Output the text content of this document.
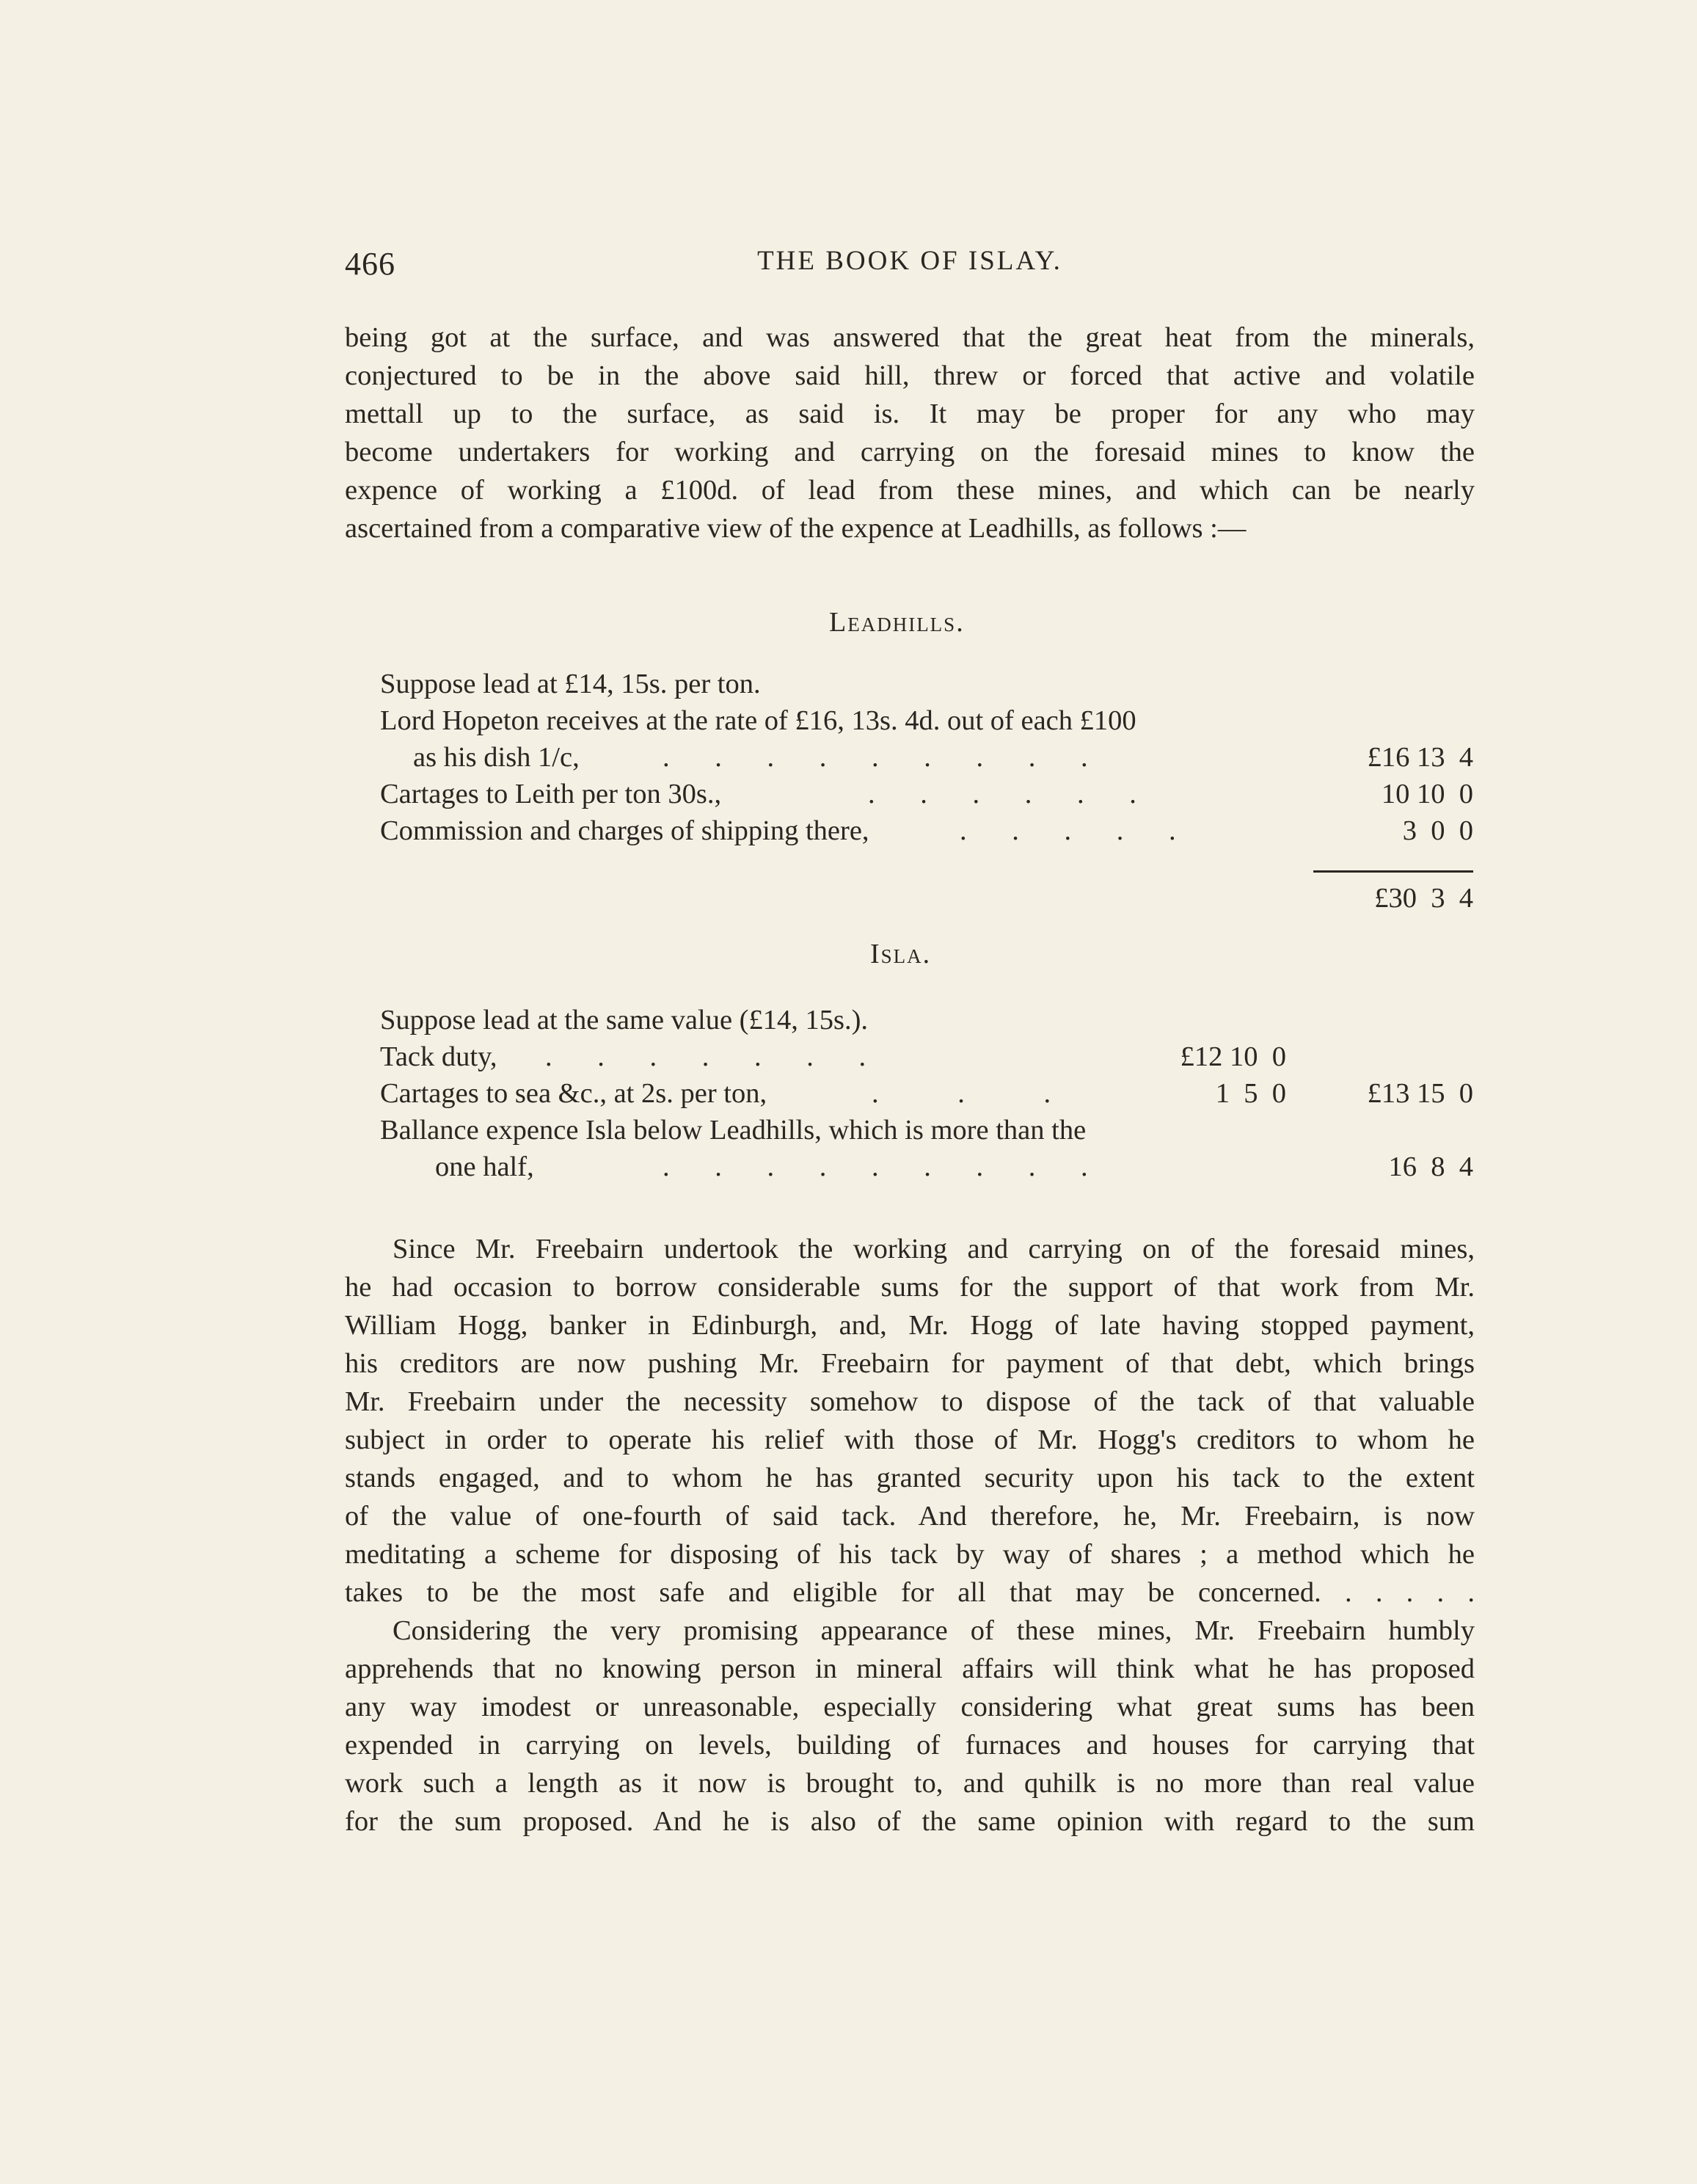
466	THE BOOK OF ISLAY.
being got at the surface, and was answered that the great heat from the minerals,
conjectured to be in the above said hill, threw or forced that active and volatile
mettall up to the surface, as said is. It may be proper for any who may
become undertakers for working and carrying on the foresaid mines to know the
expence of working a £100d. of lead from these mines, and which can be nearly
ascertained from a comparative view of the expence at Leadhills, as follows :—
Leadhills.
Suppose lead at £14, 15s. per ton.
Lord Hopeton receives at the rate of £16, 13s. 4d. out of each £100
as his dish 1/c,	. . . . . . . . .	£16 13  4
Cartages to Leith per ton 30s.,	. . . . . .	10 10  0
Commission and charges of shipping there,	. . . . .	3  0  0
£30  3  4
Isla.
Suppose lead at the same value (£14, 15s.).
Tack duty, . . . . . . .	£12 10  0
Cartages to sea &c., at 2s. per ton,	. . .	1  5  0	£13 15  0
Ballance expence Isla below Leadhills, which is more than the
one half,	. . . . . . . . .	16  8  4
Since Mr. Freebairn undertook the working and carrying on of the foresaid mines,
he had occasion to borrow considerable sums for the support of that work from Mr.
William Hogg, banker in Edinburgh, and, Mr. Hogg of late having stopped payment,
his creditors are now pushing Mr. Freebairn for payment of that debt, which brings
Mr. Freebairn under the necessity somehow to dispose of the tack of that valuable
subject in order to operate his relief with those of Mr. Hogg's creditors to whom he
stands engaged, and to whom he has granted security upon his tack to the extent
of the value of one-fourth of said tack. And therefore, he, Mr. Freebairn, is now
meditating a scheme for disposing of his tack by way of shares ; a method which he
takes to be the most safe and eligible for all that may be concerned. . . . . .
Considering the very promising appearance of these mines, Mr. Freebairn humbly
apprehends that no knowing person in mineral affairs will think what he has proposed
any way imodest or unreasonable, especially considering what great sums has been
expended in carrying on levels, building of furnaces and houses for carrying that
work such a length as it now is brought to, and quhilk is no more than real value
for the sum proposed. And he is also of the same opinion with regard to the sum
